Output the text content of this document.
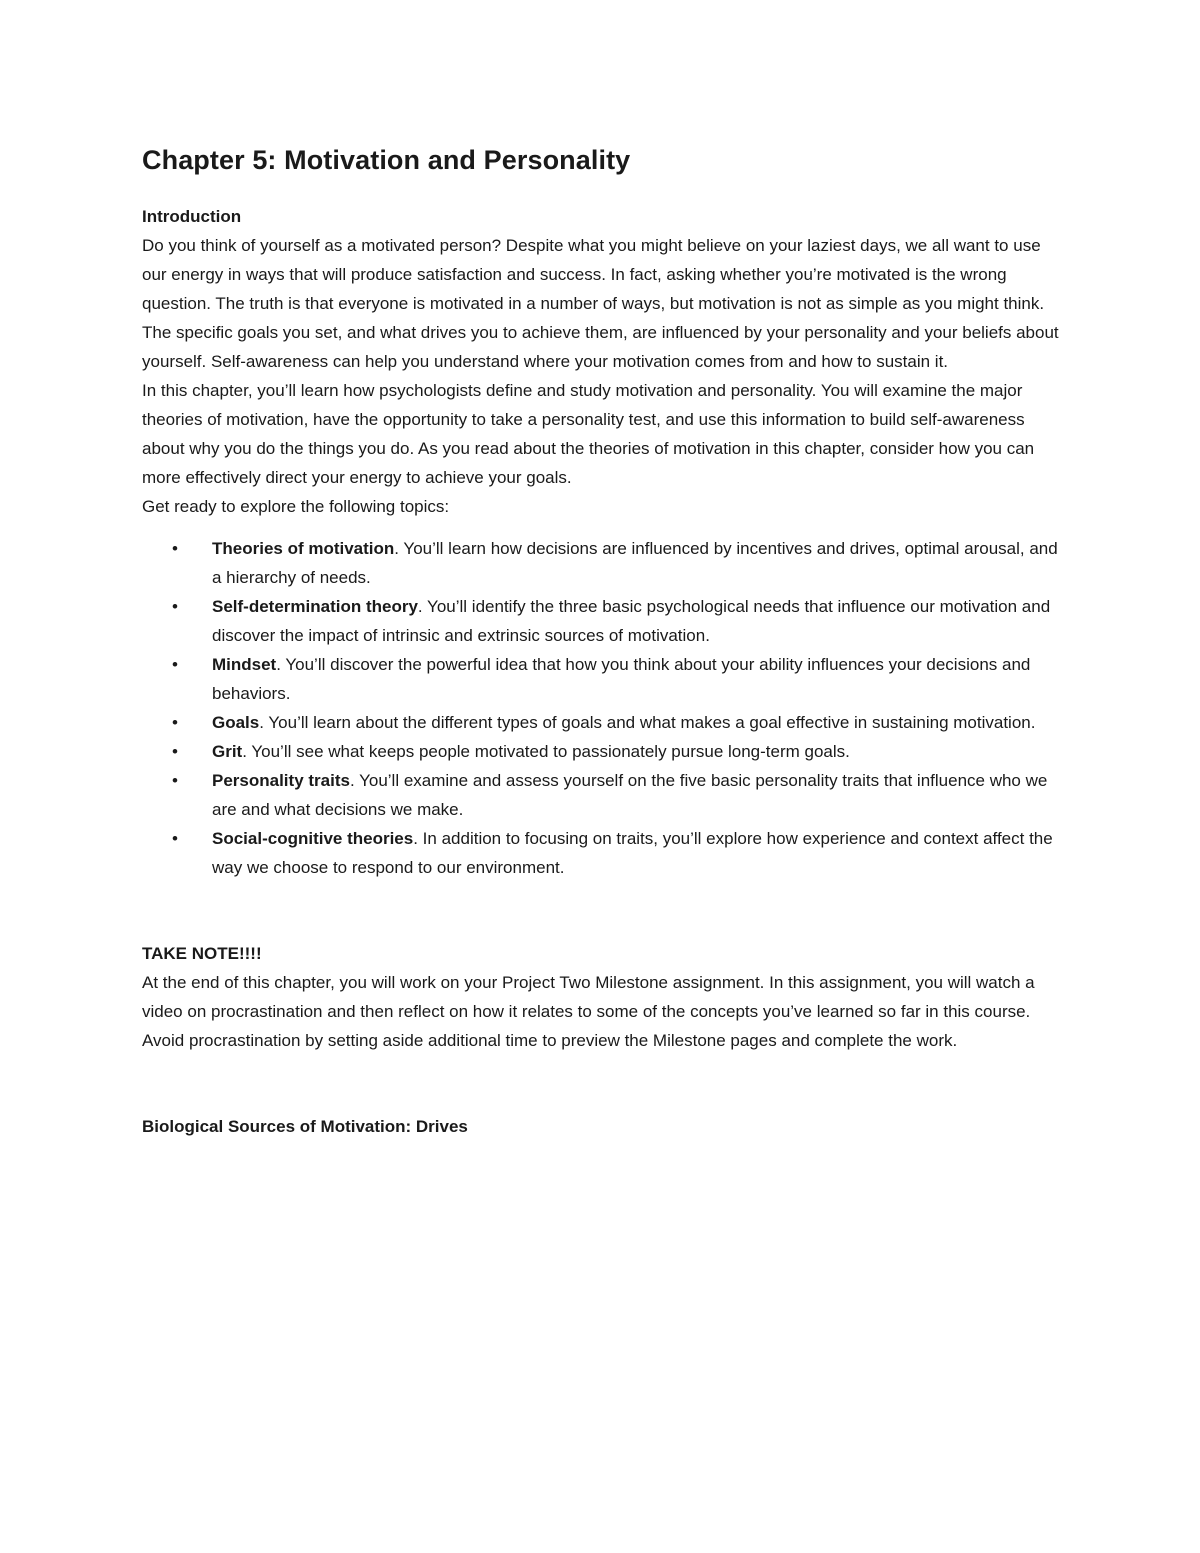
Chapter 5: Motivation and Personality
Introduction

Do you think of yourself as a motivated person? Despite what you might believe on your laziest days, we all want to use our energy in ways that will produce satisfaction and success. In fact, asking whether you’re motivated is the wrong question. The truth is that everyone is motivated in a number of ways, but motivation is not as simple as you might think. The specific goals you set, and what drives you to achieve them, are influenced by your personality and your beliefs about yourself. Self-awareness can help you understand where your motivation comes from and how to sustain it.

In this chapter, you’ll learn how psychologists define and study motivation and personality. You will examine the major theories of motivation, have the opportunity to take a personality test, and use this information to build self-awareness about why you do the things you do. As you read about the theories of motivation in this chapter, consider how you can more effectively direct your energy to achieve your goals.

Get ready to explore the following topics:

• Theories of motivation. You’ll learn how decisions are influenced by incentives and drives, optimal arousal, and a hierarchy of needs.
• Self-determination theory. You’ll identify the three basic psychological needs that influence our motivation and discover the impact of intrinsic and extrinsic sources of motivation.
• Mindset. You’ll discover the powerful idea that how you think about your ability influences your decisions and behaviors.
• Goals. You’ll learn about the different types of goals and what makes a goal effective in sustaining motivation.
• Grit. You’ll see what keeps people motivated to passionately pursue long-term goals.
• Personality traits. You’ll examine and assess yourself on the five basic personality traits that influence who we are and what decisions we make.
• Social-cognitive theories. In addition to focusing on traits, you’ll explore how experience and context affect the way we choose to respond to our environment.
TAKE NOTE!!!!

At the end of this chapter, you will work on your Project Two Milestone assignment. In this assignment, you will watch a video on procrastination and then reflect on how it relates to some of the concepts you’ve learned so far in this course. Avoid procrastination by setting aside additional time to preview the Milestone pages and complete the work.

Biological Sources of Motivation: Drives
